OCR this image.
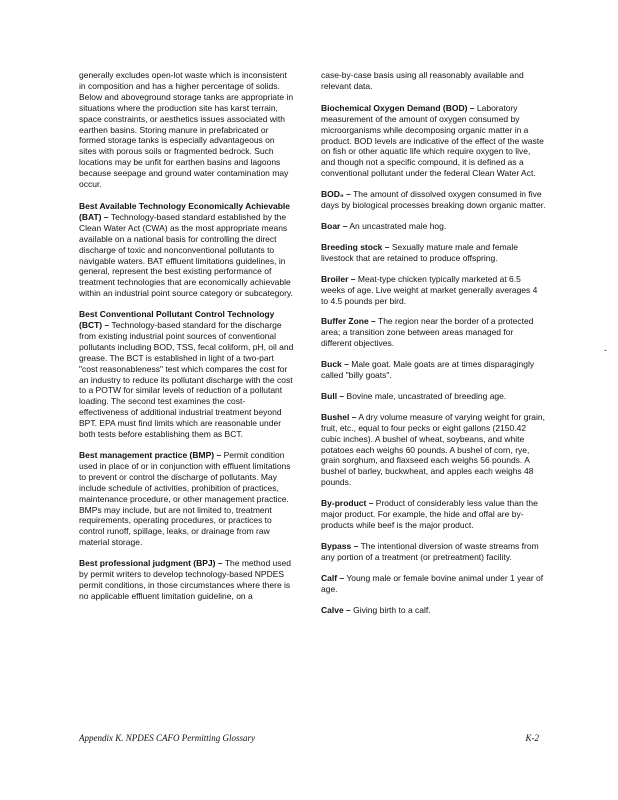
generally excludes open-lot waste which is inconsistent in composition and has a higher percentage of solids. Below and aboveground storage tanks are appropriate in situations where the production site has karst terrain, space constraints, or aesthetics issues associated with earthen basins. Storing manure in prefabricated or formed storage tanks is especially advantageous on sites with porous soils or fragmented bedrock. Such locations may be unfit for earthen basins and lagoons because seepage and ground water contamination may occur.
Best Available Technology Economically Achievable (BAT) – Technology-based standard established by the Clean Water Act (CWA) as the most appropriate means available on a national basis for controlling the direct discharge of toxic and nonconventional pollutants to navigable waters. BAT effluent limitations guidelines, in general, represent the best existing performance of treatment technologies that are economically achievable within an industrial point source category or subcategory.
Best Conventional Pollutant Control Technology (BCT) – Technology-based standard for the discharge from existing industrial point sources of conventional pollutants including BOD, TSS, fecal coliform, pH, oil and grease. The BCT is established in light of a two-part "cost reasonableness" test which compares the cost for an industry to reduce its pollutant discharge with the cost to a POTW for similar levels of reduction of a pollutant loading. The second test examines the cost-effectiveness of additional industrial treatment beyond BPT. EPA must find limits which are reasonable under both tests before establishing them as BCT.
Best management practice (BMP) – Permit condition used in place of or in conjunction with effluent limitations to prevent or control the discharge of pollutants. May include schedule of activities, prohibition of practices, maintenance procedure, or other management practice. BMPs may include, but are not limited to, treatment requirements, operating procedures, or practices to control runoff, spillage, leaks, or drainage from raw material storage.
Best professional judgment (BPJ) – The method used by permit writers to develop technology-based NPDES permit conditions, in those circumstances where there is no applicable effluent limitation guideline, on a
case-by-case basis using all reasonably available and relevant data.
Biochemical Oxygen Demand (BOD) – Laboratory measurement of the amount of oxygen consumed by microorganisms while decomposing organic matter in a product. BOD levels are indicative of the effect of the waste on fish or other aquatic life which require oxygen to live, and though not a specific compound, it is defined as a conventional pollutant under the federal Clean Water Act.
BOD₅ – The amount of dissolved oxygen consumed in five days by biological processes breaking down organic matter.
Boar – An uncastrated male hog.
Breeding stock – Sexually mature male and female livestock that are retained to produce offspring.
Broiler – Meat-type chicken typically marketed at 6.5 weeks of age. Live weight at market generally averages 4 to 4.5 pounds per bird.
Buffer Zone – The region near the border of a protected area; a transition zone between areas managed for different objectives.
Buck – Male goat. Male goats are at times disparagingly called "billy goats".
Bull – Bovine male, uncastrated of breeding age.
Bushel – A dry volume measure of varying weight for grain, fruit, etc., equal to four pecks or eight gallons (2150.42 cubic inches). A bushel of wheat, soybeans, and white potatoes each weighs 60 pounds. A bushel of corn, rye, grain sorghum, and flaxseed each weighs 56 pounds. A bushel of barley, buckwheat, and apples each weighs 48 pounds.
By-product – Product of considerably less value than the major product. For example, the hide and offal are by-products while beef is the major product.
Bypass – The intentional diversion of waste streams from any portion of a treatment (or pretreatment) facility.
Calf – Young male or female bovine animal under 1 year of age.
Calve – Giving birth to a calf.
-
Appendix K. NPDES CAFO Permitting Glossary	K-2
